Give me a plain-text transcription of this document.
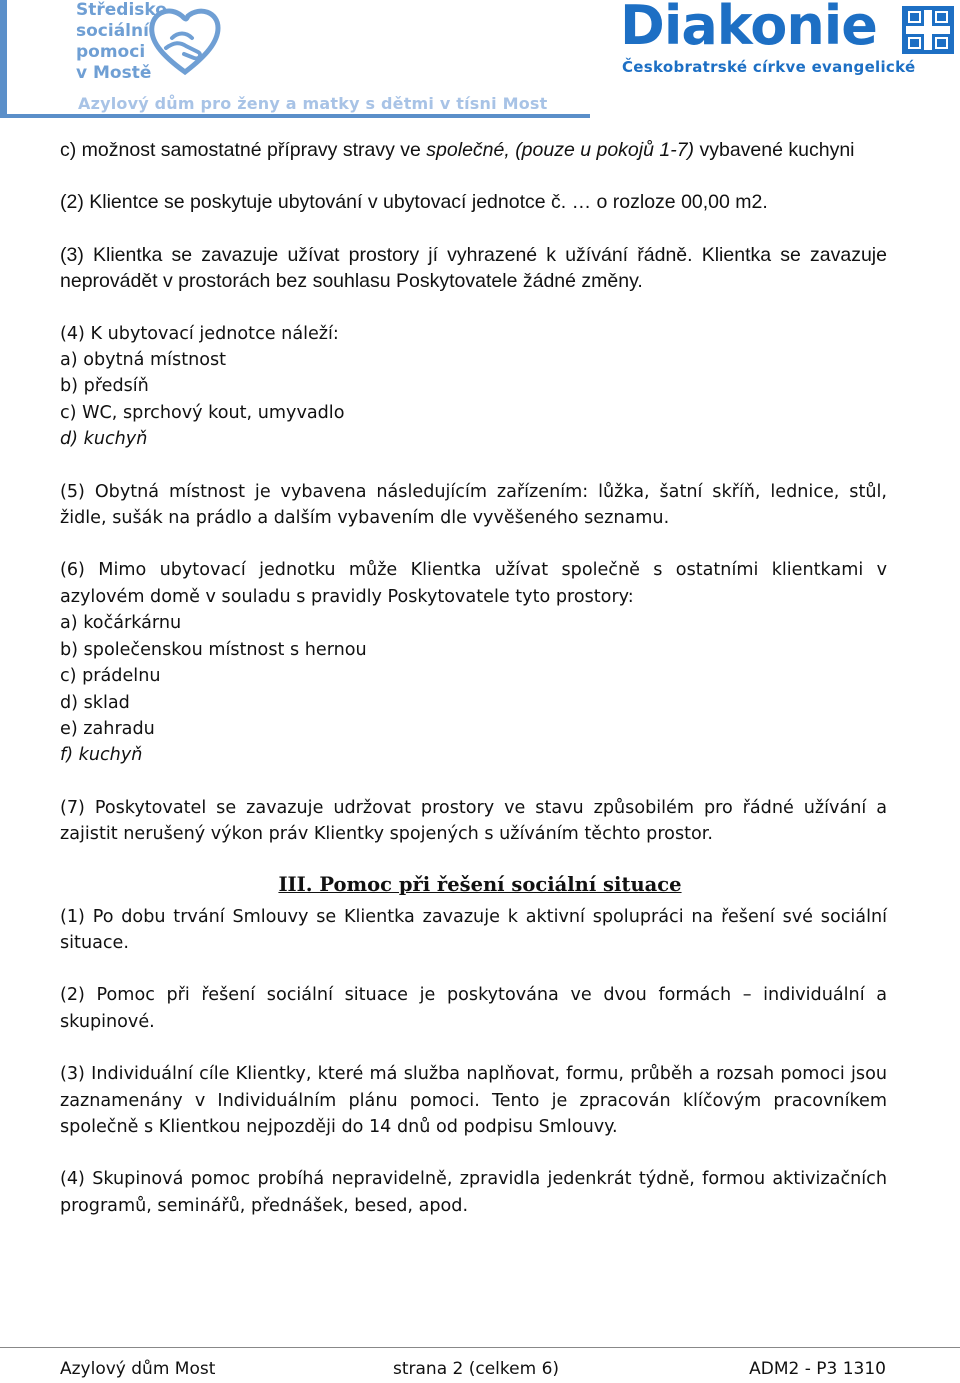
Středisko
sociální
pomoci
v Mostě
Azylový dům pro ženy a matky s dětmi v tísni Most
Diakonie
Českobratrské církve evangelické

c) možnost samostatné přípravy stravy ve společné, (pouze u pokojů 1-7) vybavené kuchyni

(2) Klientce se poskytuje ubytování v ubytovací jednotce č. … o rozloze 00,00 m2.

(3) Klientka se zavazuje užívat prostory jí vyhrazené k užívání řádně. Klientka se zavazuje neprovádět v prostorách bez souhlasu Poskytovatele žádné změny.

(4) K ubytovací jednotce náleží:

a) obytná místnost

b) předsíň

c) WC, sprchový kout, umyvadlo

d) kuchyň

(5) Obytná místnost je vybavena následujícím zařízením: lůžka, šatní skříň, lednice, stůl, židle, sušák na prádlo a dalším vybavením dle vyvěšeného seznamu.

(6) Mimo ubytovací jednotku může Klientka užívat společně s ostatními klientkami v azylovém domě v souladu s pravidly Poskytovatele tyto prostory:

a) kočárkárnu

b) společenskou místnost s hernou

c) prádelnu

d) sklad

e) zahradu

f) kuchyň

(7) Poskytovatel se zavazuje udržovat prostory ve stavu způsobilém pro řádné užívání a zajistit nerušený výkon práv Klientky spojených s užíváním těchto prostor.

III. Pomoc při řešení sociální situace

(1) Po dobu trvání Smlouvy se Klientka zavazuje k aktivní spolupráci na řešení své sociální situace.

(2) Pomoc při řešení sociální situace je poskytována ve dvou formách – individuální a skupinové.

(3) Individuální cíle Klientky, které má služba naplňovat, formu, průběh a rozsah pomoci jsou zaznamenány v Individuálním plánu pomoci. Tento je zpracován klíčovým pracovníkem společně s Klientkou nejpozději do 14 dnů od podpisu Smlouvy.

(4) Skupinová pomoc probíhá nepravidelně, zpravidla jedenkrát týdně, formou aktivizačních programů, seminářů, přednášek, besed, apod.

Azylový dům Most	strana 2 (celkem 6)	ADM2 - P3 1310
